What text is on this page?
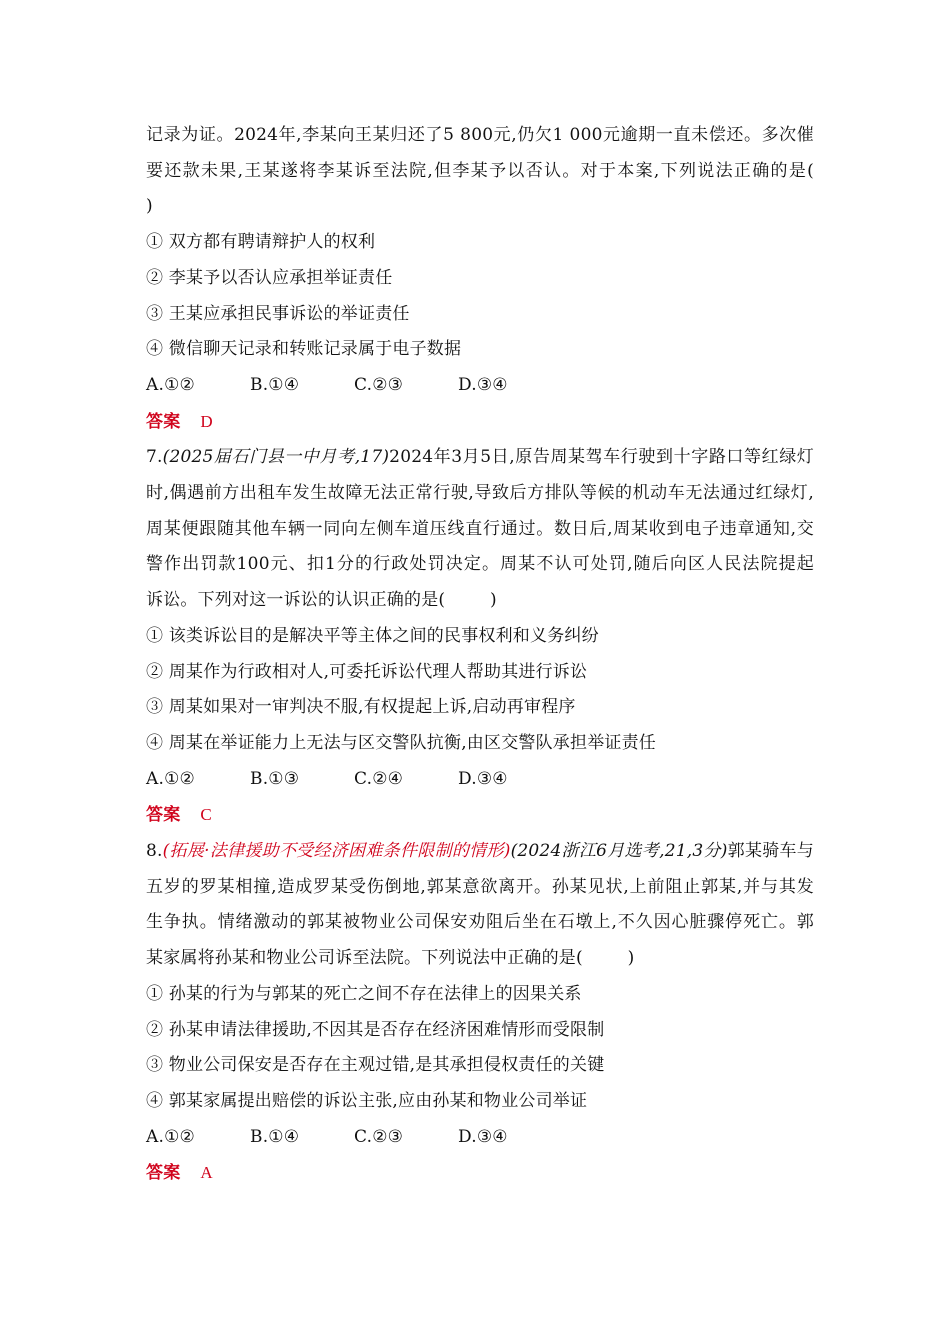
记录为证。2024年,李某向王某归还了5 800元,仍欠1 000元逾期一直未偿还。多次催
要还款未果,王某遂将李某诉至法院,但李某予以否认。对于本案,下列说法正确的是(
)
① 双方都有聘请辩护人的权利
② 李某予以否认应承担举证责任
③ 王某应承担民事诉讼的举证责任
④ 微信聊天记录和转账记录属于电子数据
A.①②	B.①④	C.②③	D.③④
答案 D
7.(2025届石门县一中月考,17)2024年3月5日,原告周某驾车行驶到十字路口等红绿灯
时,偶遇前方出租车发生故障无法正常行驶,导致后方排队等候的机动车无法通过红绿灯,
周某便跟随其他车辆一同向左侧车道压线直行通过。数日后,周某收到电子违章通知,交
警作出罚款100元、扣1分的行政处罚决定。周某不认可处罚,随后向区人民法院提起
诉讼。下列对这一诉讼的认识正确的是(        )
① 该类诉讼目的是解决平等主体之间的民事权利和义务纠纷
② 周某作为行政相对人,可委托诉讼代理人帮助其进行诉讼
③ 周某如果对一审判决不服,有权提起上诉,启动再审程序
④ 周某在举证能力上无法与区交警队抗衡,由区交警队承担举证责任
A.①②	B.①③	C.②④	D.③④
答案 C
8.(拓展·法律援助不受经济困难条件限制的情形)(2024浙江6月选考,21,3分)郭某骑车与
五岁的罗某相撞,造成罗某受伤倒地,郭某意欲离开。孙某见状,上前阻止郭某,并与其发
生争执。情绪激动的郭某被物业公司保安劝阻后坐在石墩上,不久因心脏骤停死亡。郭
某家属将孙某和物业公司诉至法院。下列说法中正确的是(        )
① 孙某的行为与郭某的死亡之间不存在法律上的因果关系
② 孙某申请法律援助,不因其是否存在经济困难情形而受限制
③ 物业公司保安是否存在主观过错,是其承担侵权责任的关键
④ 郭某家属提出赔偿的诉讼主张,应由孙某和物业公司举证
A.①②	B.①④	C.②③	D.③④
答案 A
